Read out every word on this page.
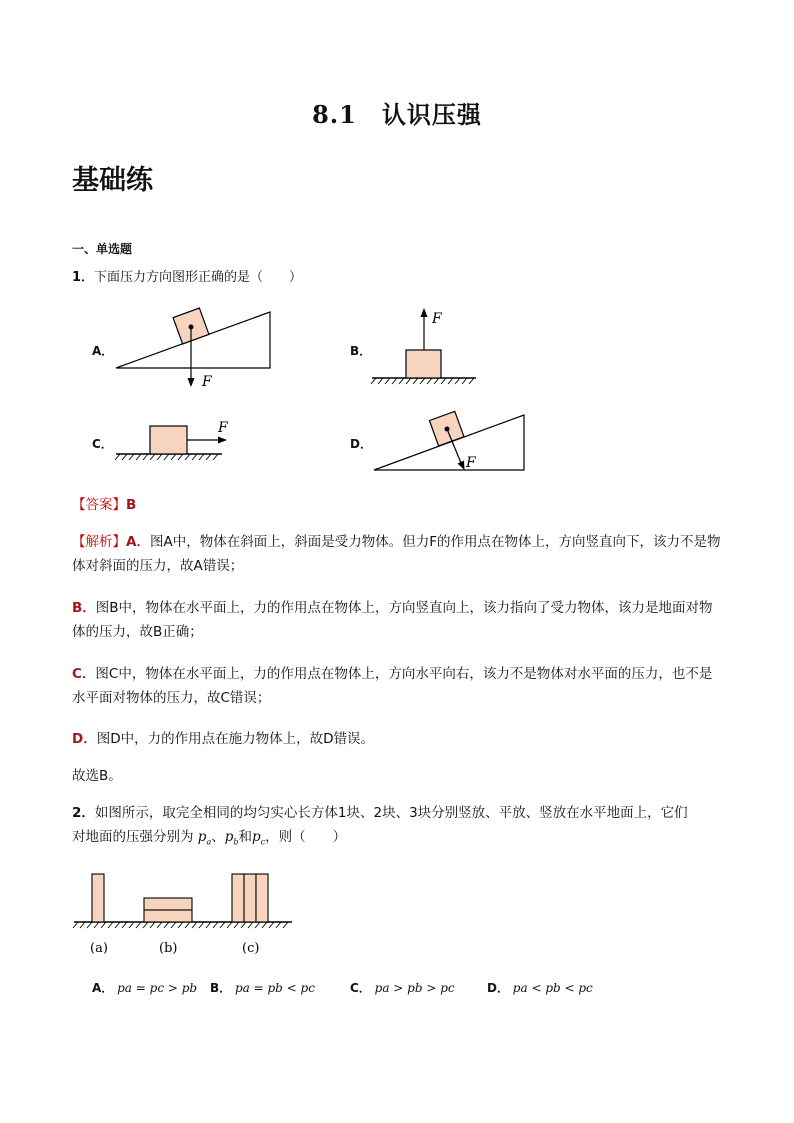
8.1　认识压强
基础练
一、单选题
1．下面压力方向图形正确的是（　　）
A．	B．
C．	D．
F
F
F
F
【答案】B
【解析】A．图A中，物体在斜面上，斜面是受力物体。但力F的作用点在物体上，方向竖直向下，该力不是物体对斜面的压力，故A错误；
B．图B中，物体在水平面上，力的作用点在物体上，方向竖直向上，该力指向了受力物体，该力是地面对物体的压力，故B正确；
C．图C中，物体在水平面上，力的作用点在物体上，方向水平向右，该力不是物体对水平面的压力，也不是水平面对物体的压力，故C错误；
D．图D中，力的作用点在施力物体上，故D错误。
故选B。
2．如图所示，取完全相同的均匀实心长方体1块、2块、3块分别竖放、平放、竖放在水平地面上，它们
对地面的压强分别为 $p_a$、$p_b$和$p_c$，则（　　）
(a)	(b)	(c)
A． pa = pc > pb B． pa = pb < pc	C． pa > pb > pc	D． pa < pb < pc
